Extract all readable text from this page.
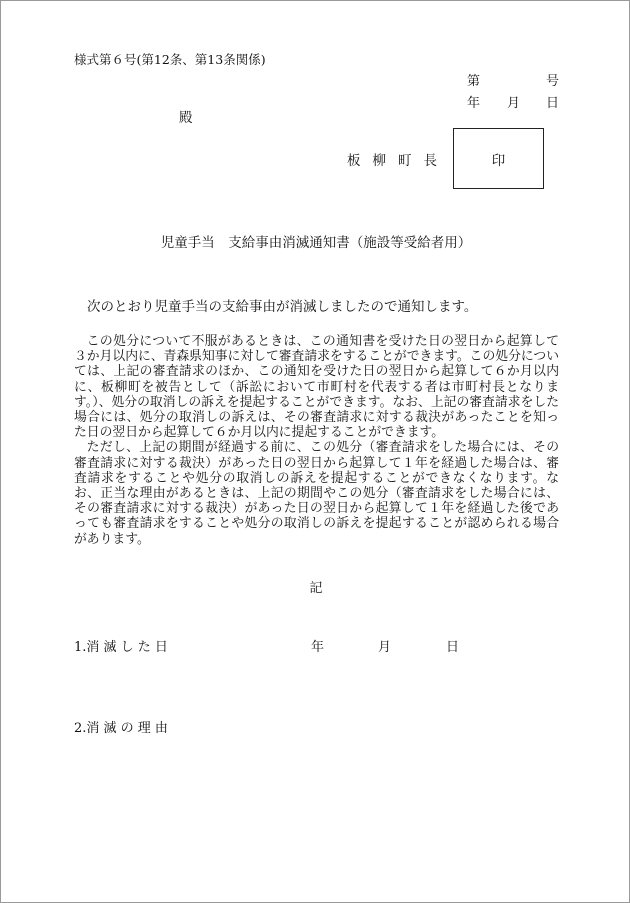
様式第６号(第12条、第13条関係)
第	号
年 月 日
殿
板柳町長	印
児童手当　支給事由消滅通知書（施設等受給者用）
次のとおり児童手当の支給事由が消滅しましたので通知します。

この処分について不服があるときは、この通知書を受けた日の翌日から起算して３か月以内に、青森県知事に対して審査請求をすることができます。この処分については、上記の審査請求のほか、この通知を受けた日の翌日から起算して６か月以内に、板柳町を被告として（訴訟において市町村を代表する者は市町村長となります。）、処分の取消しの訴えを提起することができます。なお、上記の審査請求をした場合には、処分の取消しの訴えは、その審査請求に対する裁決があったことを知った日の翌日から起算して６か月以内に提起することができます。

ただし、上記の期間が経過する前に、この処分（審査請求をした場合には、その審査請求に対する裁決）があった日の翌日から起算して１年を経過した場合は、審査請求をすることや処分の取消しの訴えを提起することができなくなります。なお、正当な理由があるときは、上記の期間やこの処分（審査請求をした場合には、その審査請求に対する裁決）があった日の翌日から起算して１年を経過した後であっても審査請求をすることや処分の取消しの訴えを提起することが認められる場合があります。

記
1.消 滅 し た 日	年	月	日
2.消 滅 の 理 由
